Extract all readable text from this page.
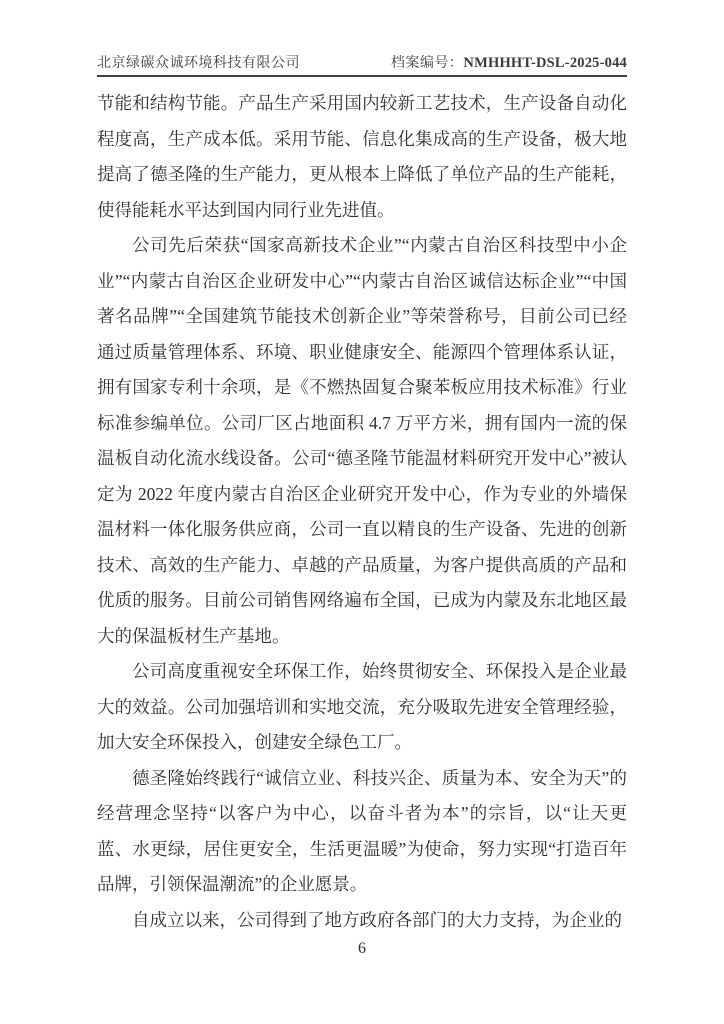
北京绿碳众诚环境科技有限公司	档案编号：NMHHHT-DSL-2025-044

节能和结构节能。产品生产采用国内较新工艺技术，生产设备自动化程度高，生产成本低。采用节能、信息化集成高的生产设备，极大地提高了德圣隆的生产能力，更从根本上降低了单位产品的生产能耗，使得能耗水平达到国内同行业先进值。

公司先后荣获“国家高新技术企业”“内蒙古自治区科技型中小企业”“内蒙古自治区企业研发中心”“内蒙古自治区诚信达标企业”“中国著名品牌”“全国建筑节能技术创新企业”等荣誉称号，目前公司已经通过质量管理体系、环境、职业健康安全、能源四个管理体系认证，拥有国家专利十余项，是《不燃热固复合聚苯板应用技术标准》行业标准参编单位。公司厂区占地面积 4.7 万平方米，拥有国内一流的保温板自动化流水线设备。公司“德圣隆节能温材料研究开发中心”被认定为 2022 年度内蒙古自治区企业研究开发中心，作为专业的外墙保温材料一体化服务供应商，公司一直以精良的生产设备、先进的创新技术、高效的生产能力、卓越的产品质量，为客户提供高质的产品和优质的服务。目前公司销售网络遍布全国，已成为内蒙及东北地区最大的保温板材生产基地。

公司高度重视安全环保工作，始终贯彻安全、环保投入是企业最大的效益。公司加强培训和实地交流，充分吸取先进安全管理经验，加大安全环保投入，创建安全绿色工厂。

德圣隆始终践行“诚信立业、科技兴企、质量为本、安全为天”的经营理念坚持“以客户为中心，以奋斗者为本”的宗旨，以“让天更蓝、水更绿，居住更安全，生活更温暖”为使命，努力实现“打造百年品牌，引领保温潮流”的企业愿景。

自成立以来，公司得到了地方政府各部门的大力支持，为企业的

6
